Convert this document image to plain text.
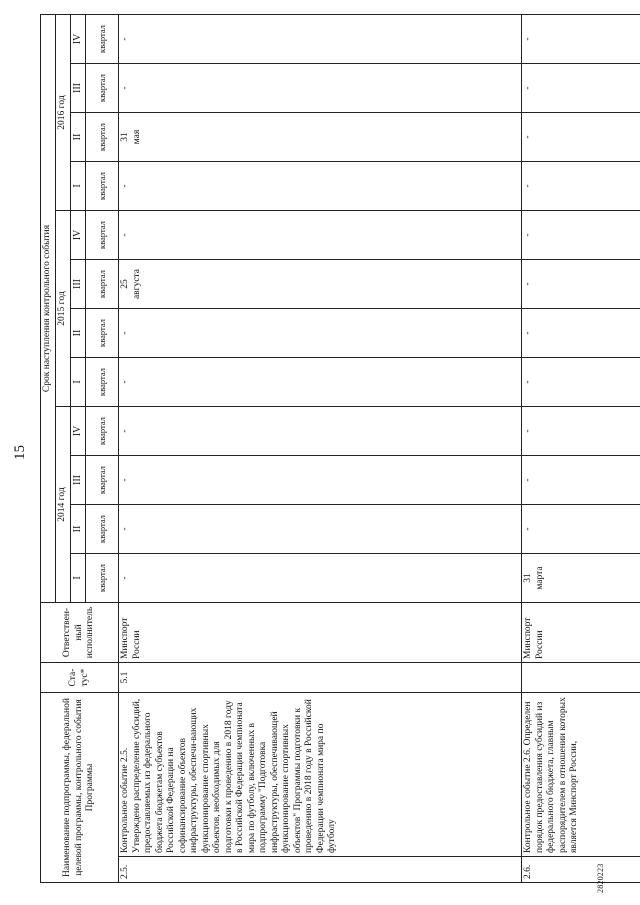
15
Наименование подпрограммы, федеральной целевой программы, контрольного события Программы		Ста-тус*	Ответствен-ный исполнитель	Срок наступления контрольного события											
				2014 год				2015 год				2016 год			
				I	II	III	IV	I	II	III	IV	I	II	III	IV
				квартал	квартал	квартал	квартал	квартал	квартал	квартал	квартал	квартал	квартал	квартал	квартал
2.5.	Контрольное событие 2.5. Утверждено распределение субсидий, предоставляемых из федерального бюджета бюджетам субъектов Российской Федерации на софинансирование объектов инфраструктуры, обеспечи-вающих функционирование спортивных объектов, необходимых для подготовки к проведению в 2018 году в Российской Федерации чемпионата мира по футболу, включенных в подпрограмму "Подготовка инфраструктуры, обеспечивающей функционирование спортивных объектов" Программы подготовки к проведению в 2018 году в Российской Федерации чемпионата мира по футболу	5.1	Минспорт России	-	-	-	-	-	-	25 августа	-	-	31 мая	-	-
2.6.	Контрольное событие 2.6. Определен порядок предоставления субсидий из федерального бюджета, главным распорядителем в отношении которых является Минспорт России,		Минспорт России	31 марта	-	-	-	-	-	-	-	-	-	-	-
2820223
